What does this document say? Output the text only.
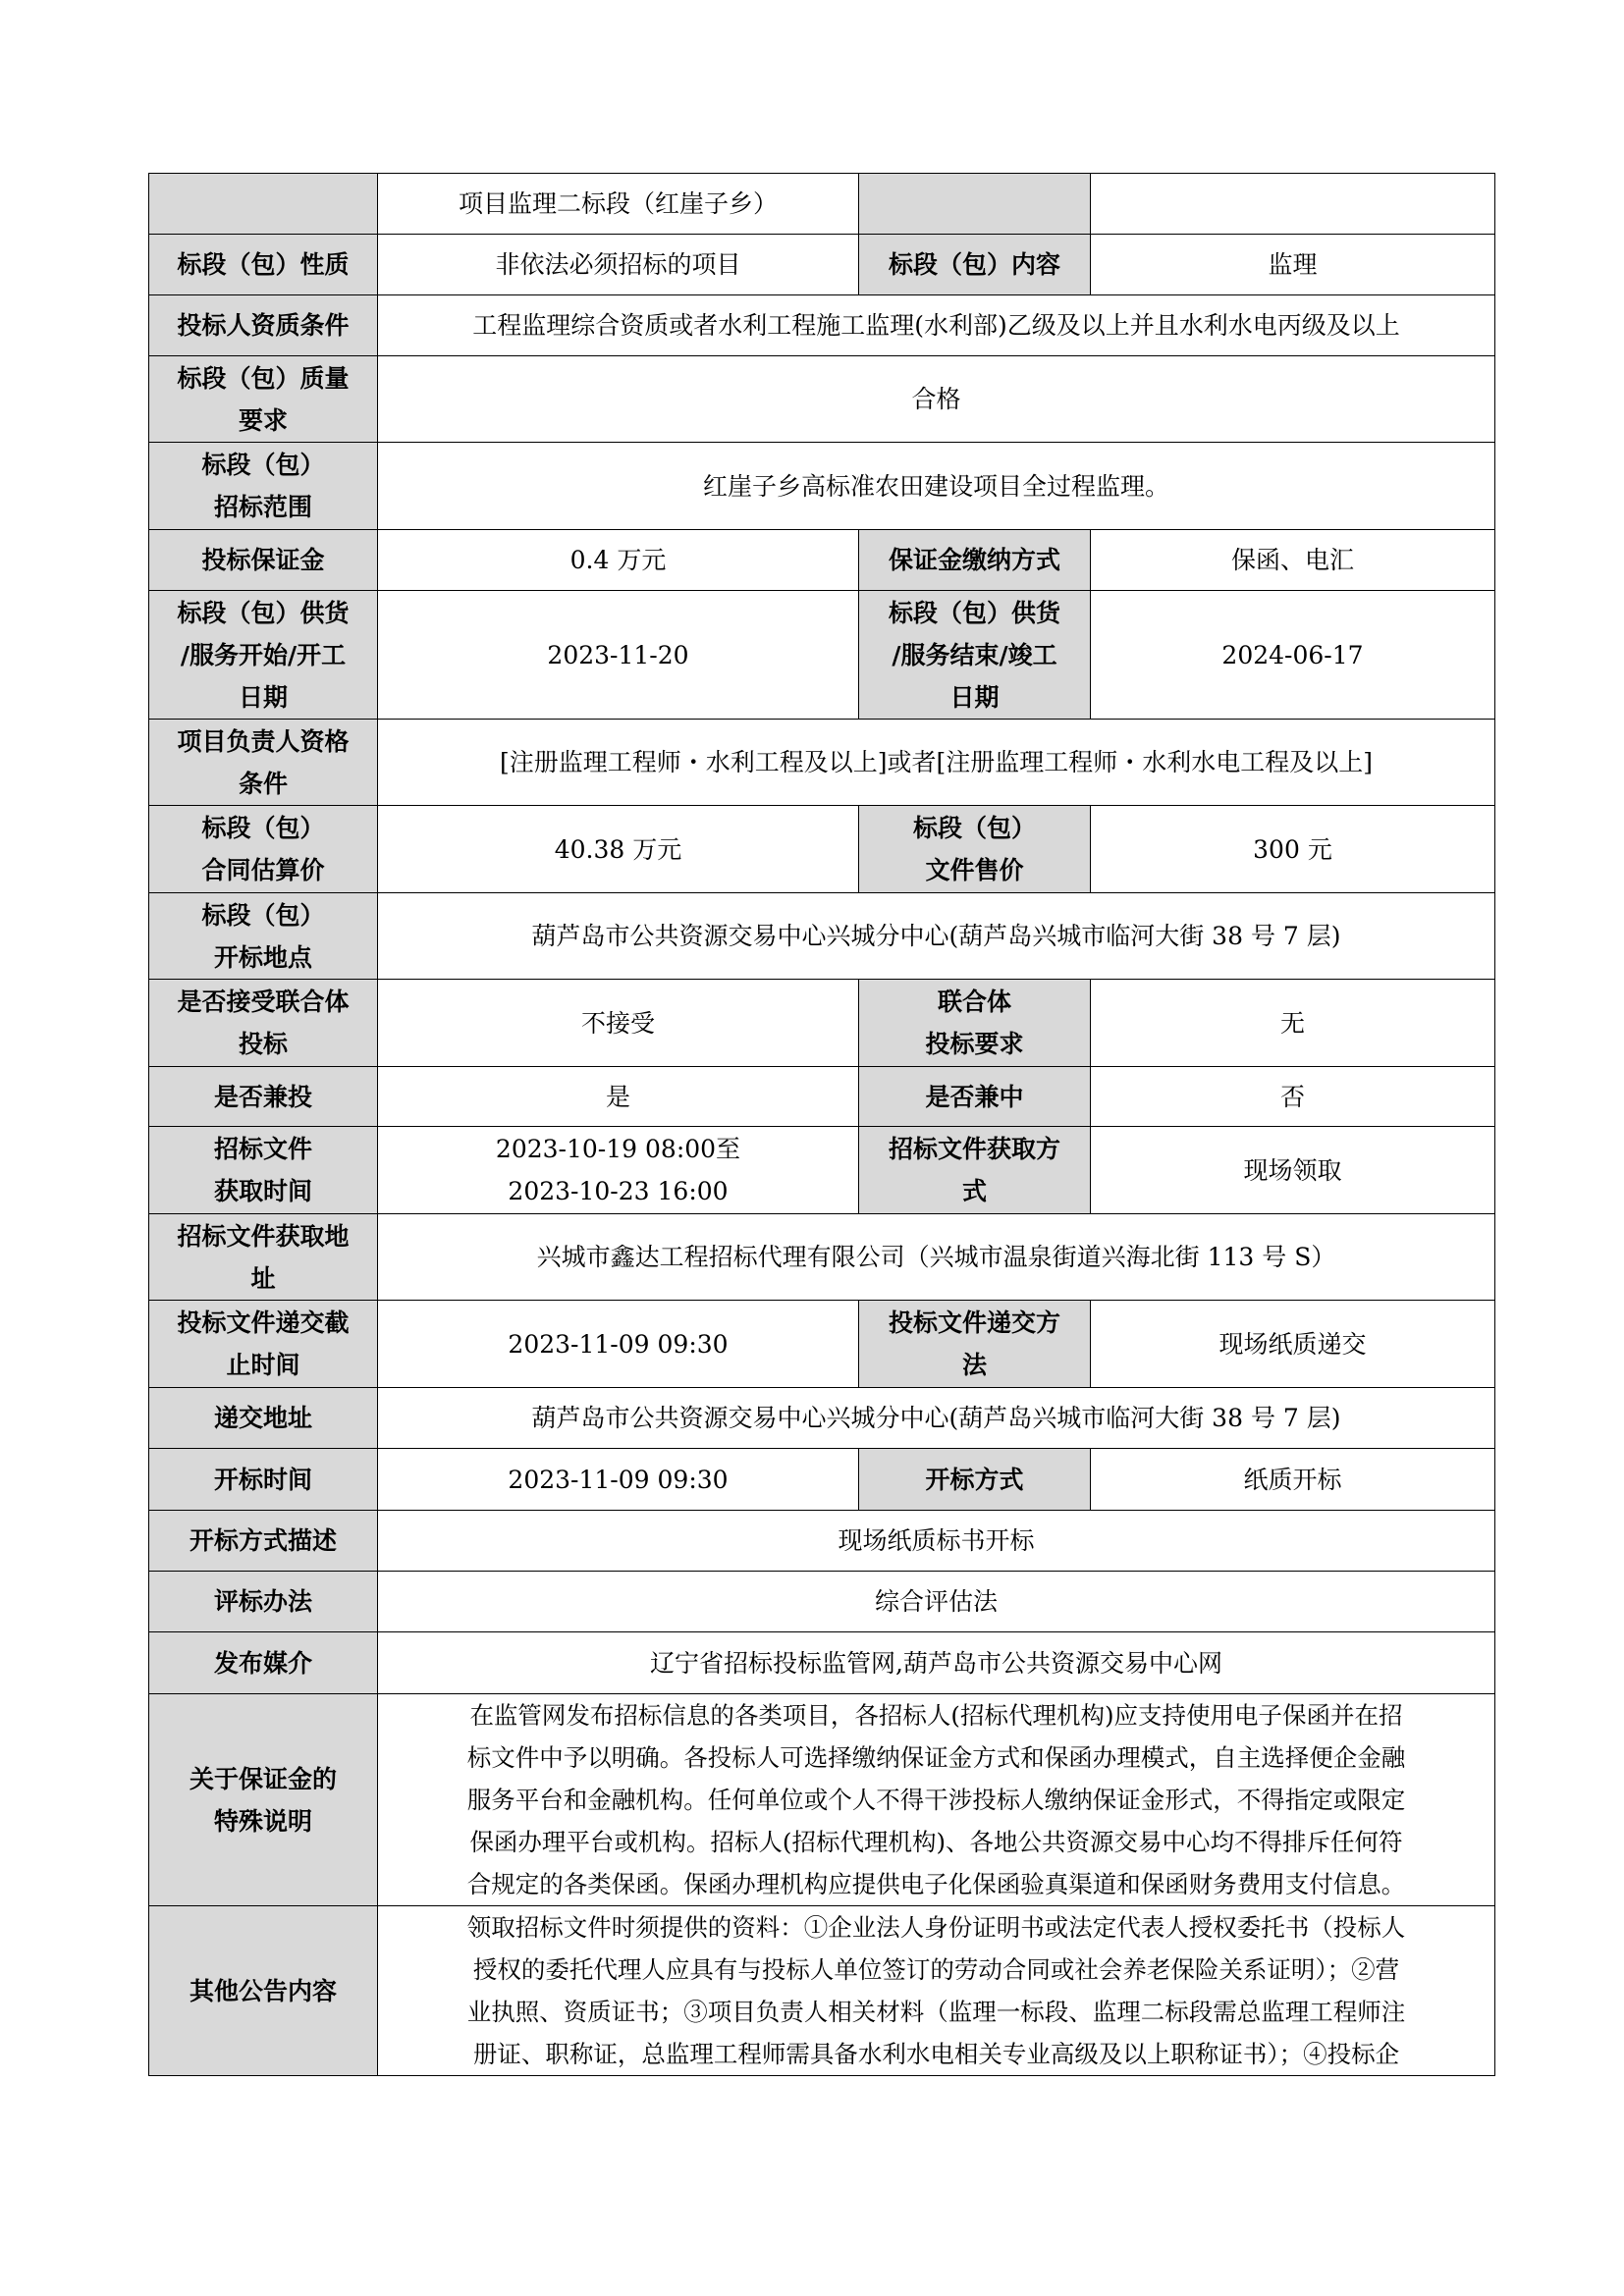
	项目监理二标段（红崖子乡）		
标段（包）性质	非依法必须招标的项目	标段（包）内容	监理
投标人资质条件	工程监理综合资质或者水利工程施工监理(水利部)乙级及以上并且水利水电丙级及以上		

标段（包）质量
要求	合格		

标段（包）
招标范围	红崖子乡高标准农田建设项目全过程监理。		
投标保证金	0.4 万元	保证金缴纳方式	保函、电汇

标段（包）供货
/服务开始/开工
日期	2023-11-20	标段（包）供货
/服务结束/竣工
日期	2024-06-17

项目负责人资格
条件	[注册监理工程师・水利工程及以上]或者[注册监理工程师・水利水电工程及以上]		

标段（包）
合同估算价	40.38 万元	标段（包）
文件售价	300 元

标段（包）
开标地点	葫芦岛市公共资源交易中心兴城分中心(葫芦岛兴城市临河大街 38 号 7 层)		

是否接受联合体
投标	不接受	联合体
投标要求	无
是否兼投	是	是否兼中	否

招标文件
获取时间	2023-10-19 08:00至
2023-10-23 16:00	招标文件获取方
式	现场领取

招标文件获取地
址	兴城市鑫达工程招标代理有限公司（兴城市温泉街道兴海北街 113 号 S）		

投标文件递交截
止时间	2023-11-09 09:30	投标文件递交方
法	现场纸质递交
递交地址	葫芦岛市公共资源交易中心兴城分中心(葫芦岛兴城市临河大街 38 号 7 层)		
开标时间	2023-11-09 09:30	开标方式	纸质开标
开标方式描述	现场纸质标书开标		
评标办法	综合评估法		
发布媒介	辽宁省招标投标监管网,葫芦岛市公共资源交易中心网		

关于保证金的
特殊说明	在监管网发布招标信息的各类项目，各招标人(招标代理机构)应支持使用电子保函并在招
标文件中予以明确。各投标人可选择缴纳保证金方式和保函办理模式，自主选择便企金融
服务平台和金融机构。任何单位或个人不得干涉投标人缴纳保证金形式，不得指定或限定
保函办理平台或机构。招标人(招标代理机构)、各地公共资源交易中心均不得排斥任何符
合规定的各类保函。保函办理机构应提供电子化保函验真渠道和保函财务费用支付信息。		

其他公告内容	领取招标文件时须提供的资料：①企业法人身份证明书或法定代表人授权委托书（投标人
授权的委托代理人应具有与投标人单位签订的劳动合同或社会养老保险关系证明）；②营
业执照、资质证书；③项目负责人相关材料（监理一标段、监理二标段需总监理工程师注
册证、职称证，总监理工程师需具备水利水电相关专业高级及以上职称证书）；④投标企		
